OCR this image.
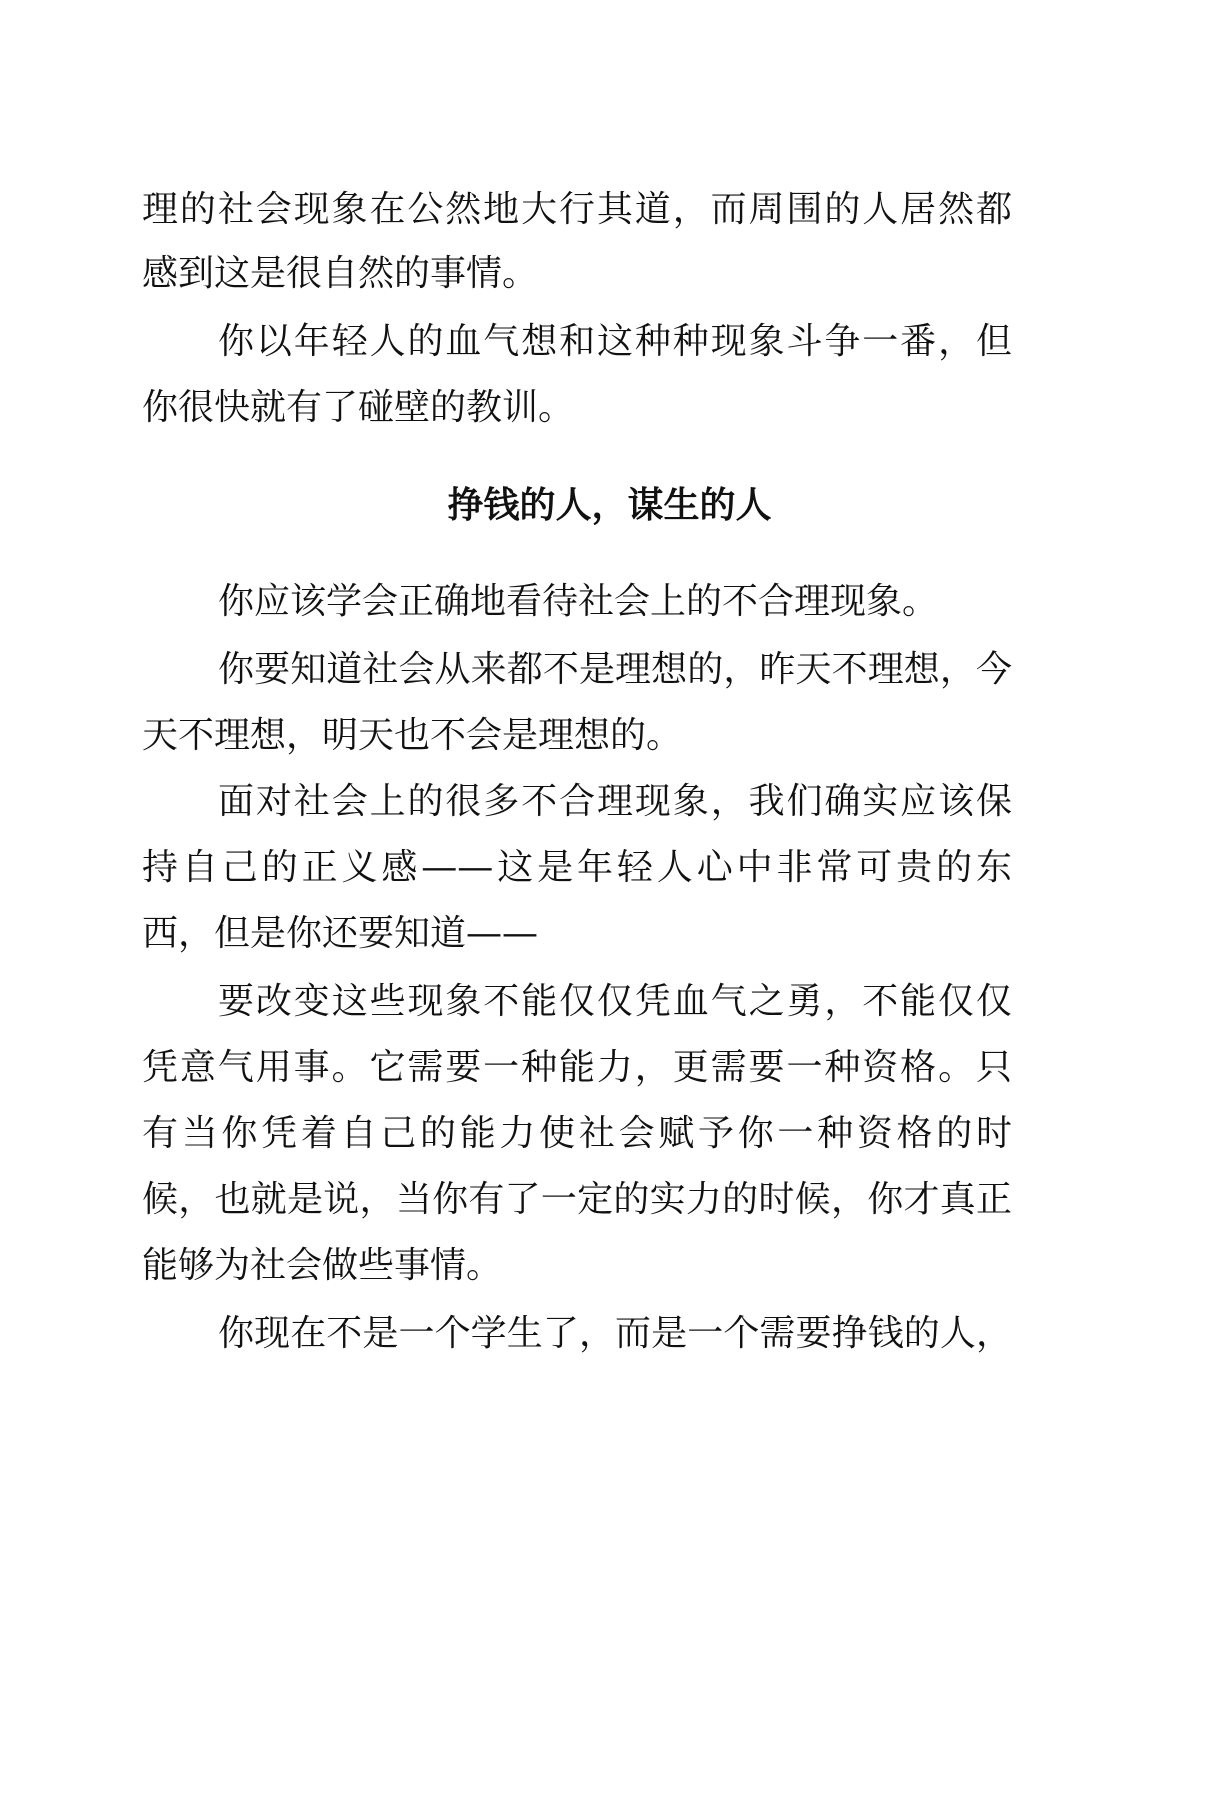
理的社会现象在公然地大行其道，而周围的人居然都
感到这是很自然的事情。
你以年轻人的血气想和这种种现象斗争一番，但
你很快就有了碰壁的教训。
挣钱的人，谋生的人
你应该学会正确地看待社会上的不合理现象。
你要知道社会从来都不是理想的，昨天不理想，今
天不理想，明天也不会是理想的。
面对社会上的很多不合理现象，我们确实应该保
持自己的正义感——这是年轻人心中非常可贵的东
西，但是你还要知道——
要改变这些现象不能仅仅凭血气之勇，不能仅仅
凭意气用事。它需要一种能力，更需要一种资格。只
有当你凭着自己的能力使社会赋予你一种资格的时
候，也就是说，当你有了一定的实力的时候，你才真正
能够为社会做些事情。
你现在不是一个学生了，而是一个需要挣钱的人，
